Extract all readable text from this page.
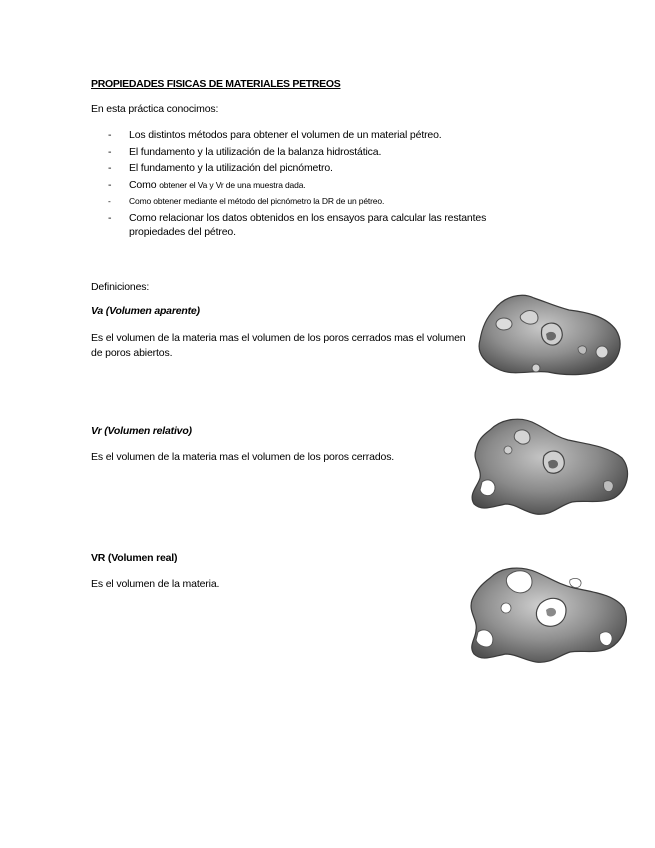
PROPIEDADES FISICAS DE MATERIALES PETREOS
En esta práctica conocimos:
- Los distintos métodos para obtener el volumen de un material pétreo.
- El fundamento y la utilización de la balanza hidrostática.
- El fundamento y la utilización del picnómetro.
- Como obtener el Va y Vr de una muestra dada.
- Como obtener mediante el método del picnómetro la DR de un pétreo.
- Como relacionar los datos obtenidos en los ensayos para calcular las restantes propiedades del pétreo.
Definiciones:
Va (Volumen aparente)
Es el volumen de la materia mas el volumen de los poros cerrados mas el volumen de poros abiertos.
Vr (Volumen relativo)
Es el volumen de la materia mas el volumen de los poros cerrados.
VR (Volumen real)
Es el volumen de la materia.
